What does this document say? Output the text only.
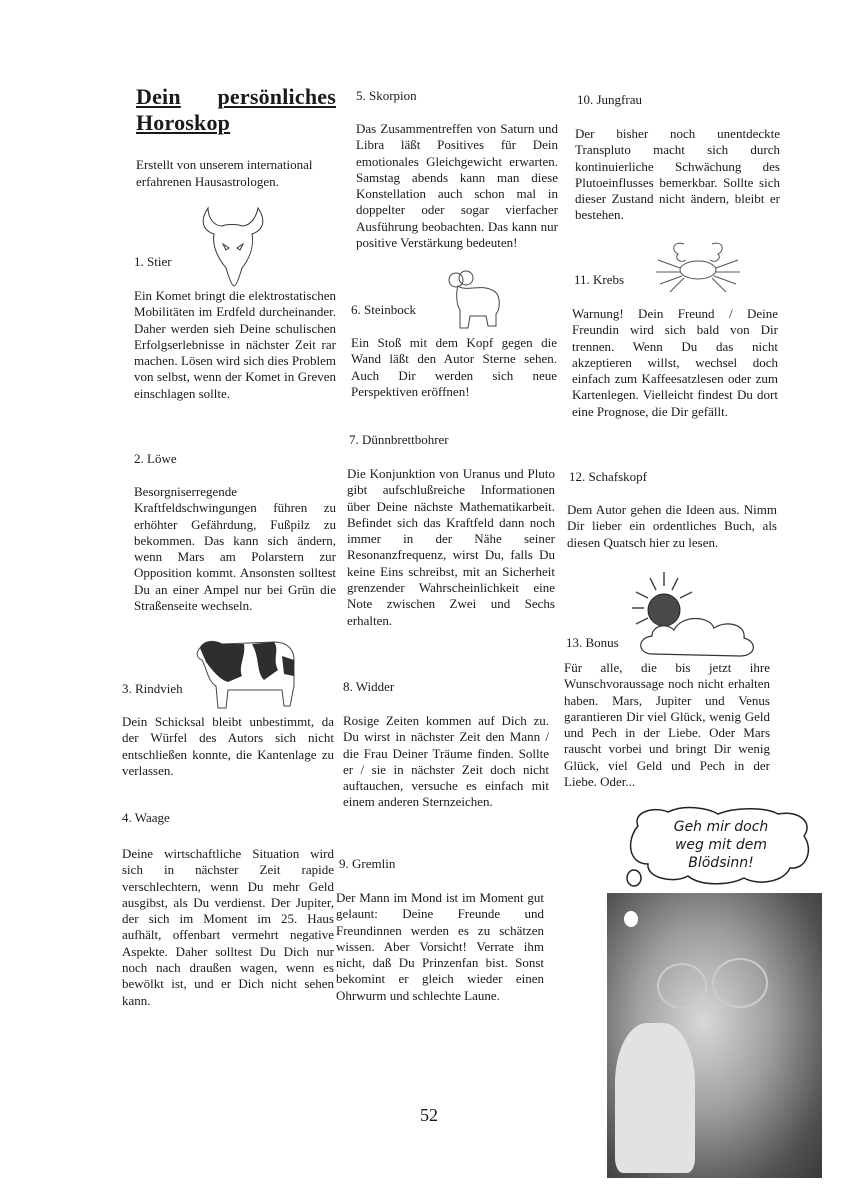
Dein persönliches
Horoskop
Erstellt von unserem international erfahrenen Hausastrologen.
1. Stier
Ein Komet bringt die elektrostatischen Mobilitäten im Erdfeld durcheinander. Daher werden sieh Deine schulischen Erfolgserlebnisse in nächster Zeit rar machen. Lösen wird sich dies Problem von selbst, wenn der Komet in Greven einschlagen sollte.
2. Löwe
Besorgniserregende Kraftfeldschwingungen führen zu erhöhter Gefährdung, Fußpilz zu bekommen. Das kann sich ändern, wenn Mars am Polarstern zur Opposition kommt. Ansonsten solltest Du an einer Ampel nur bei Grün die Straßenseite wechseln.
3. Rindvieh
Dein Schicksal bleibt unbestimmt, da der Würfel des Autors sich nicht entschließen konnte, die Kantenlage zu verlassen.
4. Waage
Deine wirtschaftliche Situation wird sich in nächster Zeit rapide verschlechtern, wenn Du mehr Geld ausgibst, als Du verdienst. Der Jupiter, der sich im Moment im 25. Haus aufhält, offenbart vermehrt negative Aspekte. Daher solltest Du Dich nur noch nach draußen wagen, wenn es bewölkt ist, und er Dich nicht sehen kann.
5. Skorpion
Das Zusammentreffen von Saturn und Libra läßt Positives für Dein emotionales Gleichgewicht erwarten. Samstag abends kann man diese Konstellation auch schon mal in doppelter oder sogar vierfacher Ausführung beobachten. Das kann nur positive Verstärkung bedeuten!
6. Steinbock
Ein Stoß mit dem Kopf gegen die Wand läßt den Autor Sterne sehen. Auch Dir werden sich neue Perspektiven eröffnen!
7. Dünnbrettbohrer
Die Konjunktion von Uranus und Pluto gibt aufschlußreiche Informationen über Deine nächste Mathematikarbeit. Befindet sich das Kraftfeld dann noch immer in der Nähe seiner Resonanzfrequenz, wirst Du, falls Du keine Eins schreibst, mit an Sicherheit grenzender Wahrscheinlichkeit eine Note zwischen Zwei und Sechs erhalten.
8. Widder
Rosige Zeiten kommen auf Dich zu. Du wirst in nächster Zeit den Mann / die Frau Deiner Träume finden. Sollte er / sie in nächster Zeit doch nicht auftauchen, versuche es einfach mit einem anderen Sternzeichen.
9. Gremlin
Der Mann im Mond ist im Moment gut gelaunt: Deine Freunde und Freundinnen werden es zu schätzen wissen. Aber Vorsicht! Verrate ihm nicht, daß Du Prinzenfan bist. Sonst bekomint er gleich wieder einen Ohrwurm und schlechte Laune.
10. Jungfrau
Der bisher noch unentdeckte Transpluto macht sich durch kontinuierliche Schwächung des Plutoeinflusses bemerkbar. Sollte sich dieser Zustand nicht ändern, bleibt er bestehen.
11. Krebs
Warnung! Dein Freund / Deine Freundin wird sich bald von Dir trennen. Wenn Du das nicht akzeptieren willst, wechsel doch einfach zum Kaffeesatzlesen oder zum Kartenlegen. Vielleicht findest Du dort eine Prognose, die Dir gefällt.
12. Schafskopf
Dem Autor gehen die Ideen aus. Nimm Dir lieber ein ordentliches Buch, als diesen Quatsch hier zu lesen.
13. Bonus
Für alle, die bis jetzt ihre Wunschvoraussage noch nicht erhalten haben. Mars, Jupiter und Venus garantieren Dir viel Glück, wenig Geld und Pech in der Liebe. Oder Mars rauscht vorbei und bringt Dir wenig Glück, viel Geld und Pech in der Liebe. Oder...
Geh mir doch
weg mit dem
Blödsinn!
52
